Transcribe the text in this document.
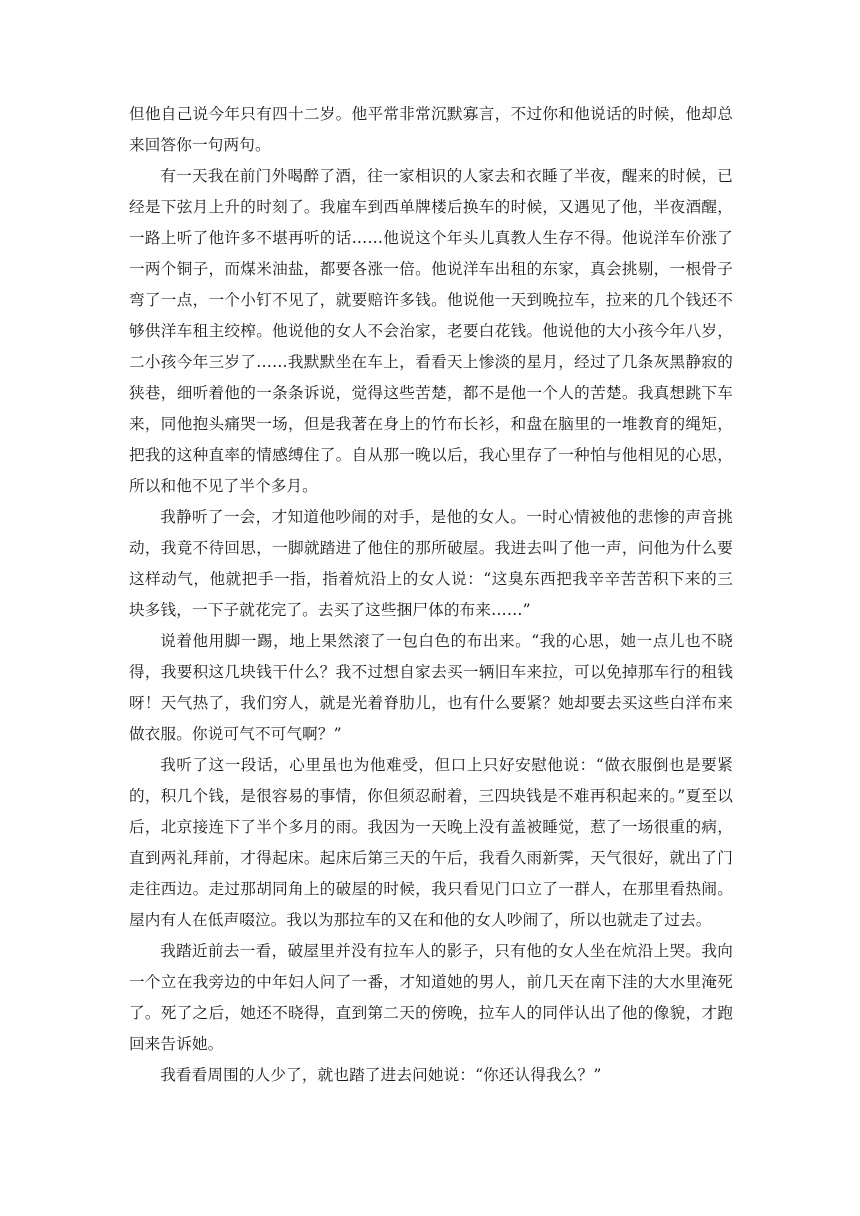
但他自己说今年只有四十二岁。他平常非常沉默寡言，不过你和他说话的时候，他却总来回答你一句两句。

有一天我在前门外喝醉了酒，往一家相识的人家去和衣睡了半夜，醒来的时候，已经是下弦月上升的时刻了。我雇车到西单牌楼后换车的时候，又遇见了他，半夜酒醒，一路上听了他许多不堪再听的话……他说这个年头儿真教人生存不得。他说洋车价涨了一两个铜子，而煤米油盐，都要各涨一倍。他说洋车出租的东家，真会挑剔，一根骨子弯了一点，一个小钉不见了，就要赔许多钱。他说他一天到晚拉车，拉来的几个钱还不够供洋车租主绞榨。他说他的女人不会治家，老要白花钱。他说他的大小孩今年八岁，二小孩今年三岁了……我默默坐在车上，看看天上惨淡的星月，经过了几条灰黑静寂的狭巷，细听着他的一条条诉说，觉得这些苦楚，都不是他一个人的苦楚。我真想跳下车来，同他抱头痛哭一场，但是我著在身上的竹布长衫，和盘在脑里的一堆教育的绳矩，把我的这种直率的情感缚住了。自从那一晚以后，我心里存了一种怕与他相见的心思，所以和他不见了半个多月。

我静听了一会，才知道他吵闹的对手，是他的女人。一时心情被他的悲惨的声音挑动，我竟不待回思，一脚就踏进了他住的那所破屋。我进去叫了他一声，问他为什么要这样动气，他就把手一指，指着炕沿上的女人说：“这臭东西把我辛辛苦苦积下来的三块多钱，一下子就花完了。去买了这些捆尸体的布来……”

说着他用脚一踢，地上果然滚了一包白色的布出来。“我的心思，她一点儿也不晓得，我要积这几块钱干什么？我不过想自家去买一辆旧车来拉，可以免掉那车行的租钱呀！天气热了，我们穷人，就是光着脊肋儿，也有什么要紧？她却要去买这些白洋布来做衣服。你说可气不可气啊？”

我听了这一段话，心里虽也为他难受，但口上只好安慰他说：“做衣服倒也是要紧的，积几个钱，是很容易的事情，你但须忍耐着，三四块钱是不难再积起来的。”夏至以后，北京接连下了半个多月的雨。我因为一天晚上没有盖被睡觉，惹了一场很重的病，直到两礼拜前，才得起床。起床后第三天的午后，我看久雨新霁，天气很好，就出了门走往西边。走过那胡同角上的破屋的时候，我只看见门口立了一群人，在那里看热闹。屋内有人在低声啜泣。我以为那拉车的又在和他的女人吵闹了，所以也就走了过去。

我踏近前去一看，破屋里并没有拉车人的影子，只有他的女人坐在炕沿上哭。我向一个立在我旁边的中年妇人问了一番，才知道她的男人，前几天在南下洼的大水里淹死了。死了之后，她还不晓得，直到第二天的傍晚，拉车人的同伴认出了他的像貌，才跑回来告诉她。

我看看周围的人少了，就也踏了进去问她说：“你还认得我么？”
